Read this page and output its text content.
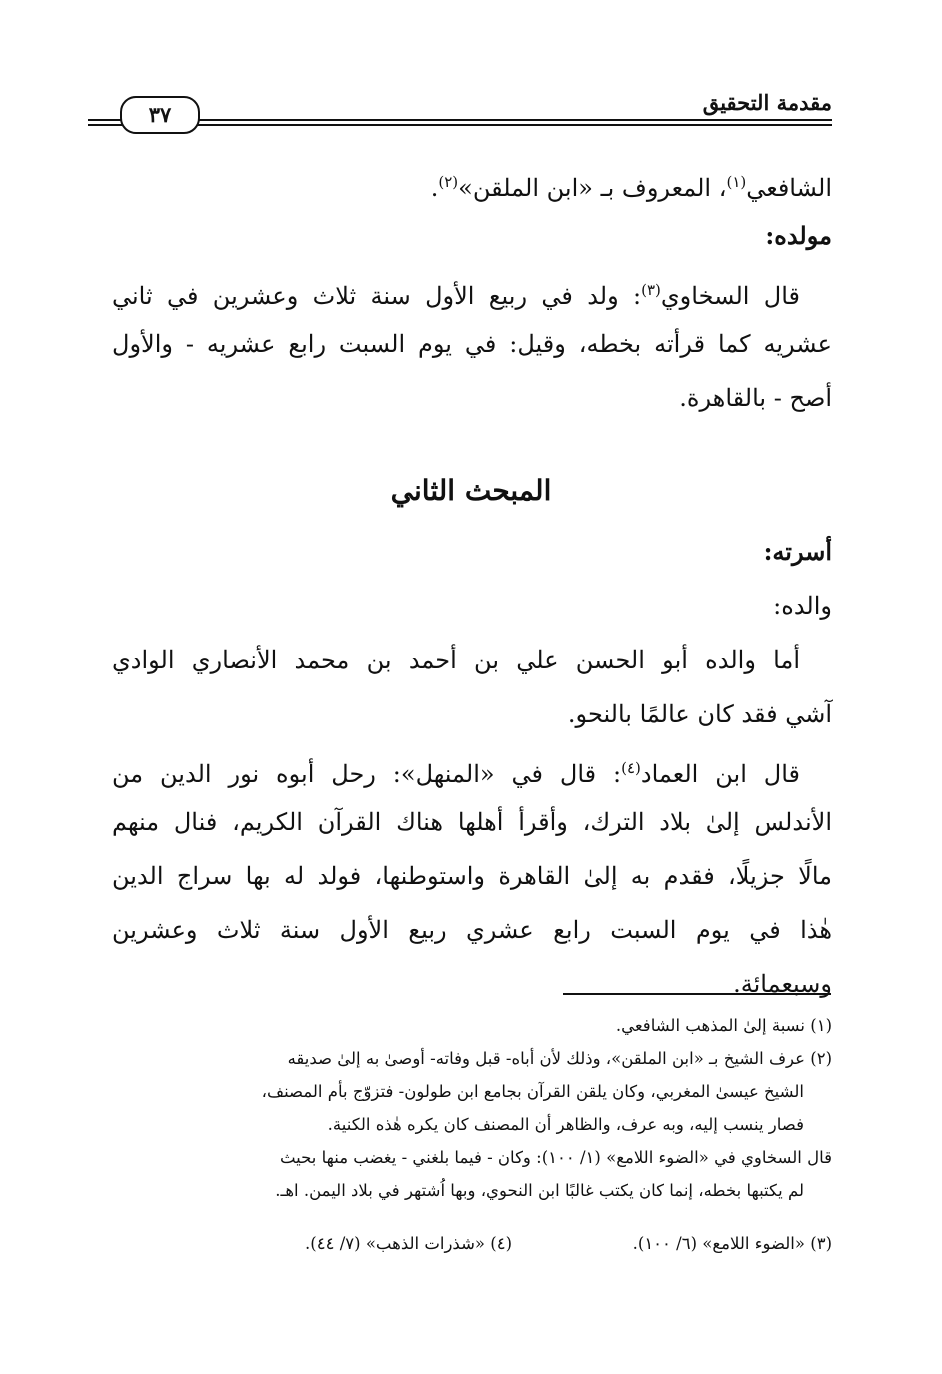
مقدمة التحقيق
٣٧
الشافعي$^{(١)}$، المعروف بـ «ابن الملقن»$^{(٢)}$.
مولده:
قال السخاوي$^{(٣)}$: ولد في ربيع الأول سنة ثلاث وعشرين في ثاني
عشريه كما قرأته بخطه، وقيل: في يوم السبت رابع عشريه - والأول
أصح - بالقاهرة.
المبحث الثاني
أسرته:
والده:
أما والده أبو الحسن علي بن أحمد بن محمد الأنصاري الوادي
آشي فقد كان عالمًا بالنحو.
قال ابن العماد$^{(٤)}$: قال في «المنهل»: رحل أبوه نور الدين من
الأندلس إلىٰ بلاد الترك، وأقرأ أهلها هناك القرآن الكريم، فنال منهم
مالًا جزيلًا، فقدم به إلىٰ القاهرة واستوطنها، فولد له بها سراج الدين
هٰذا في يوم السبت رابع عشري ربيع الأول سنة ثلاث وعشرين
وسبعمائة.
(١) نسبة إلىٰ المذهب الشافعي.
(٢) عرف الشيخ بـ «ابن الملقن»، وذلك لأن أباه- قبل وفاته- أوصىٰ به إلىٰ صديقه
الشيخ عيسىٰ المغربي، وكان يلقن القرآن بجامع ابن طولون- فتزوّج بأم المصنف،
فصار ينسب إليه، وبه عرف، والظاهر أن المصنف كان يكره هٰذه الكنية.
قال السخاوي في «الضوء اللامع» (١/ ١٠٠): وكان - فيما بلغني - يغضب منها بحيث
لم يكتبها بخطه، إنما كان يكتب غالبًا ابن النحوي، وبها اُشتهر في بلاد اليمن. اهـ.
(٣) «الضوء اللامع» (٦/ ١٠٠).
(٤) «شذرات الذهب» (٧/ ٤٤).
